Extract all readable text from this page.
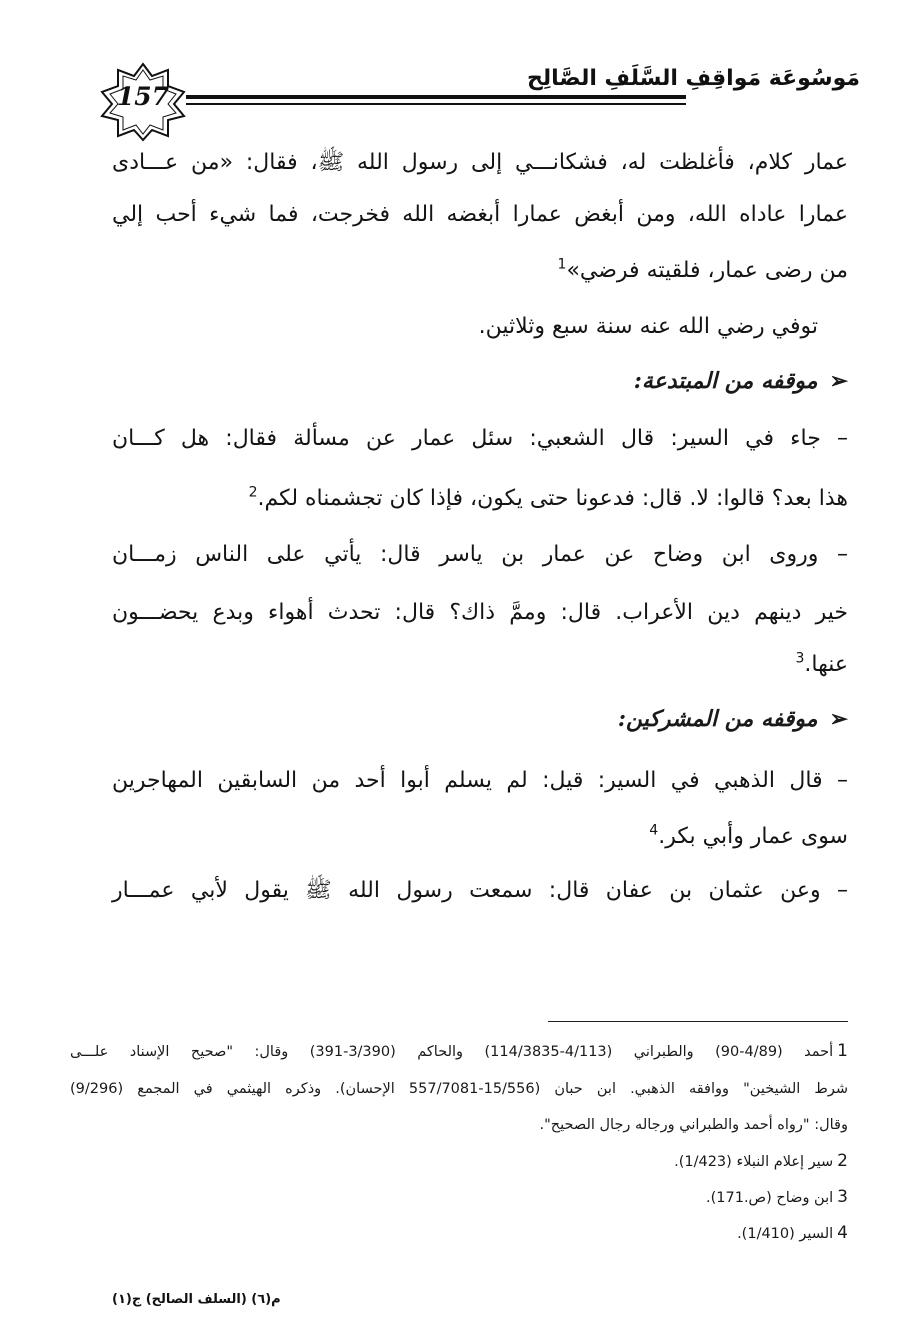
157
مَوسُوعَة مَواقِفِ السَّلَفِ الصَّالِح
عمار كلام، فأغلظت له، فشكانـــي إلى رسول الله ﷺ، فقال: «من عـــادى
عمارا عاداه الله، ومن أبغض عمارا أبغضه الله فخرجت، فما شيء أحب إلي
من رضى عمار، فلقيته فرضي»$^1$
توفي رضي الله عنه سنة سبع وثلاثين.
➢موقفه من المبتدعة:
– جاء في السير: قال الشعبي: سئل عمار عن مسألة فقال: هل كـــان
هذا بعد؟ قالوا: لا. قال: فدعونا حتى يكون، فإذا كان تجشمناه لكم.$^2$
– وروى ابن وضاح عن عمار بن ياسر قال: يأتي على الناس زمـــان
خير دينهم دين الأعراب. قال: وممَّ ذاك؟ قال: تحدث أهواء وبدع يحضـــون
عنها.$^3$
➢موقفه من المشركين:
– قال الذهبي في السير: قيل: لم يسلم أبوا أحد من السابقين المهاجرين
سوى عمار وأبي بكر.$^4$
– وعن عثمان بن عفان قال: سمعت رسول الله ﷺ يقول لأبي عمـــار
1أحمد (4/89-90) والطبراني (4/113-114/3835) والحاكم (3/390-391) وقال: "صحيح الإسناد علـــى
شرط الشيخين" ووافقه الذهبي. ابن حبان (15/556-557/7081 الإحسان). وذكره الهيثمي في المجمع (9/296)
وقال: "رواه أحمد والطبراني ورجاله رجال الصحيح".
2سير إعلام النبلاء (1/423).
3ابن وضاح (ص.171).
4السير (1/410).
م(٦) (السلف الصالح) ج(١)
